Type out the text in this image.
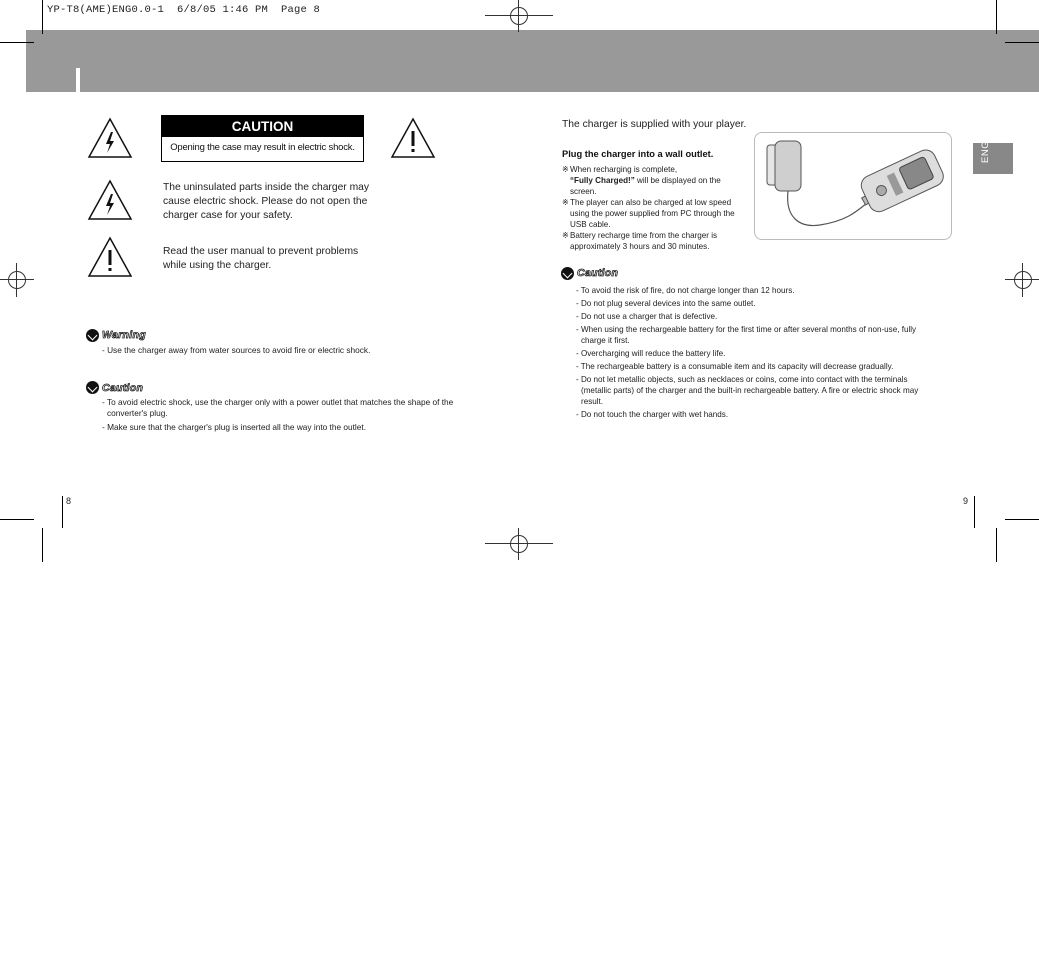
YP-T8(AME)ENG0.0-1  6/8/05 1:46 PM  Page 8
CAUTION
Opening the case may result in electric shock.
The uninsulated parts inside the charger may cause electric shock. Please do not open the charger case for your safety.
Read the user manual to prevent problems while using the charger.
Warning
- Use the charger away from water sources to avoid fire or electric shock.
Caution
- To avoid electric shock, use the charger only with a power outlet that matches the shape of the converter's plug.
- Make sure that the charger's plug is inserted all the way into the outlet.
8
The charger is supplied with your player.
Plug the charger into a wall outlet.
※ When recharging is complete,
“Fully Charged!” will be displayed on the screen.
※ The player can also be charged at low speed using the power supplied from PC through the USB cable.
※ Battery recharge time from the charger is approximately 3 hours and 30 minutes.
ENG
Caution
- To avoid the risk of fire, do not charge longer than 12 hours.
- Do not plug several devices into the same outlet.
- Do not use a charger that is defective.
- When using the rechargeable battery for the first time or after several months of non-use, fully charge it first.
- Overcharging will reduce the battery life.
- The rechargeable battery is a consumable item and its capacity will decrease gradually.
- Do not let metallic objects, such as necklaces or coins, come into contact with the terminals (metallic parts) of the charger and the built-in rechargeable battery. A fire or electric shock may result.
- Do not touch the charger with wet hands.
9
